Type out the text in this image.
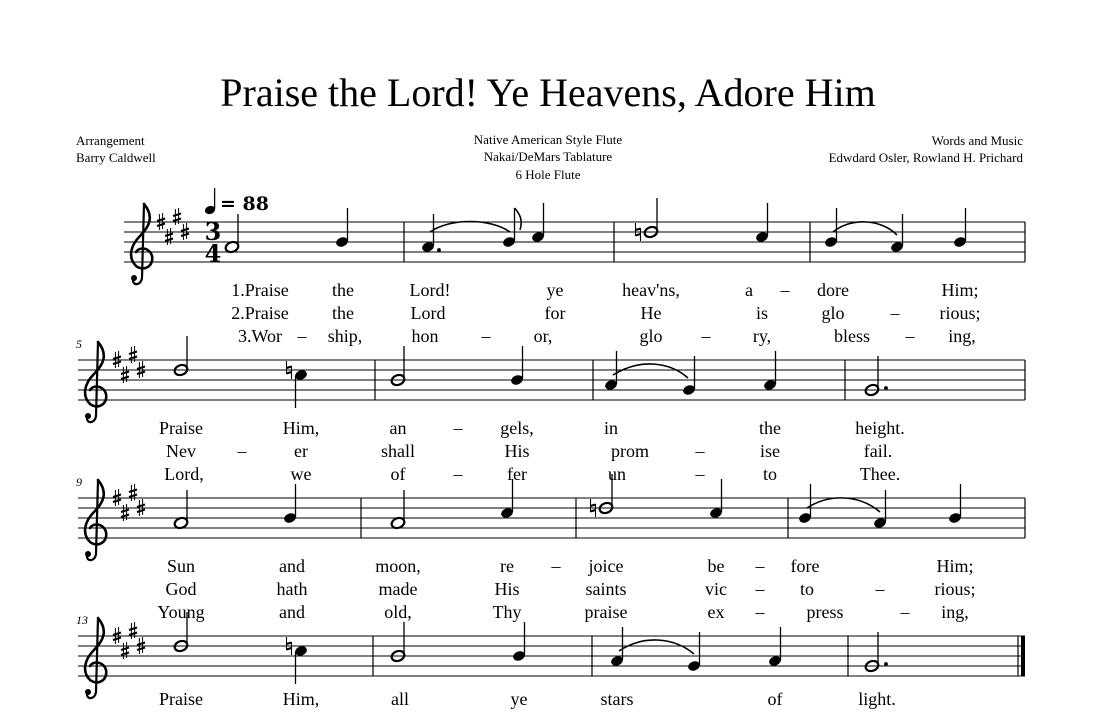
Praise the Lord! Ye Heavens, Adore Him
Arrangement
Barry Caldwell
Native American Style Flute
Nakai/DeMars Tablature
6 Hole Flute
Words and Music
Edwdard Osler, Rowland H. Prichard
= 88
3
4
1.Praise the	Lord!	ye	heav'ns,	a – dore	Him;
2.Praise the	Lord	for	He	is	glo	– rious;
3.Wor – ship,	hon – or,	glo – ry,	bless – ing,
5
Praise	Him,	an	– gels,	in	the	height.
Nev –	er	shall	His	prom	–	ise	fail.
Lord,	we	of	– fer	un	–	to	Thee.
9
Sun	and	moon,	re – joice	be – fore	Him;
God	hath	made	His	saints	vic – to	–	rious;
Young	and	old,	Thy	praise	ex – press	– ing,
13
Praise	Him,	all	ye	stars	of	light.
